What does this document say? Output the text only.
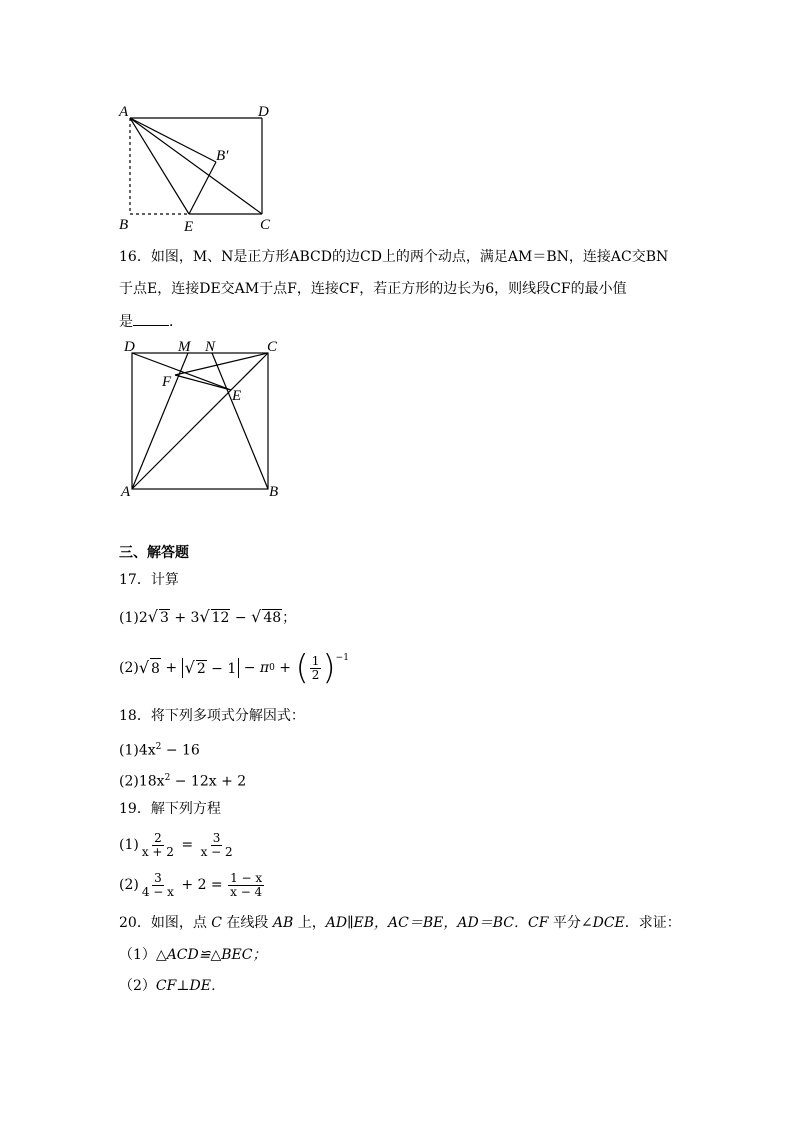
A	D
B′
B	E	C
16．如图，M、N是正方形ABCD的边CD上的两个动点，满足AM＝BN，连接AC交BN
于点E，连接DE交AM于点F，连接CF，若正方形的边长为6，则线段CF的最小值
是	．
D	M N	C
F
E
A	B
三、解答题
17．计算
(1)2√ 3 + 3√ 12 − √ 48；
(2) √ 8 + √ 2 − 1 − π 0 + ( $\frac{1}{2} )^{-1}$
18．将下列多项式分解因式：
$(1)4x^2 - 16$
$(2)18x^2 - 12x + 2$
19．解下列方程
$(1) \frac{2}{x + 2} = \frac{3}{x - 2}$
$(2) \frac{3}{4 - x} + 2 = \frac{1 - x}{x - 4}$
20．如图，点 C 在线段 AB 上，AD∥EB，AC＝BE，AD＝BC．CF 平分∠DCE．求证：
（1）△ACD≌△BEC；
（2）CF⊥DE．
